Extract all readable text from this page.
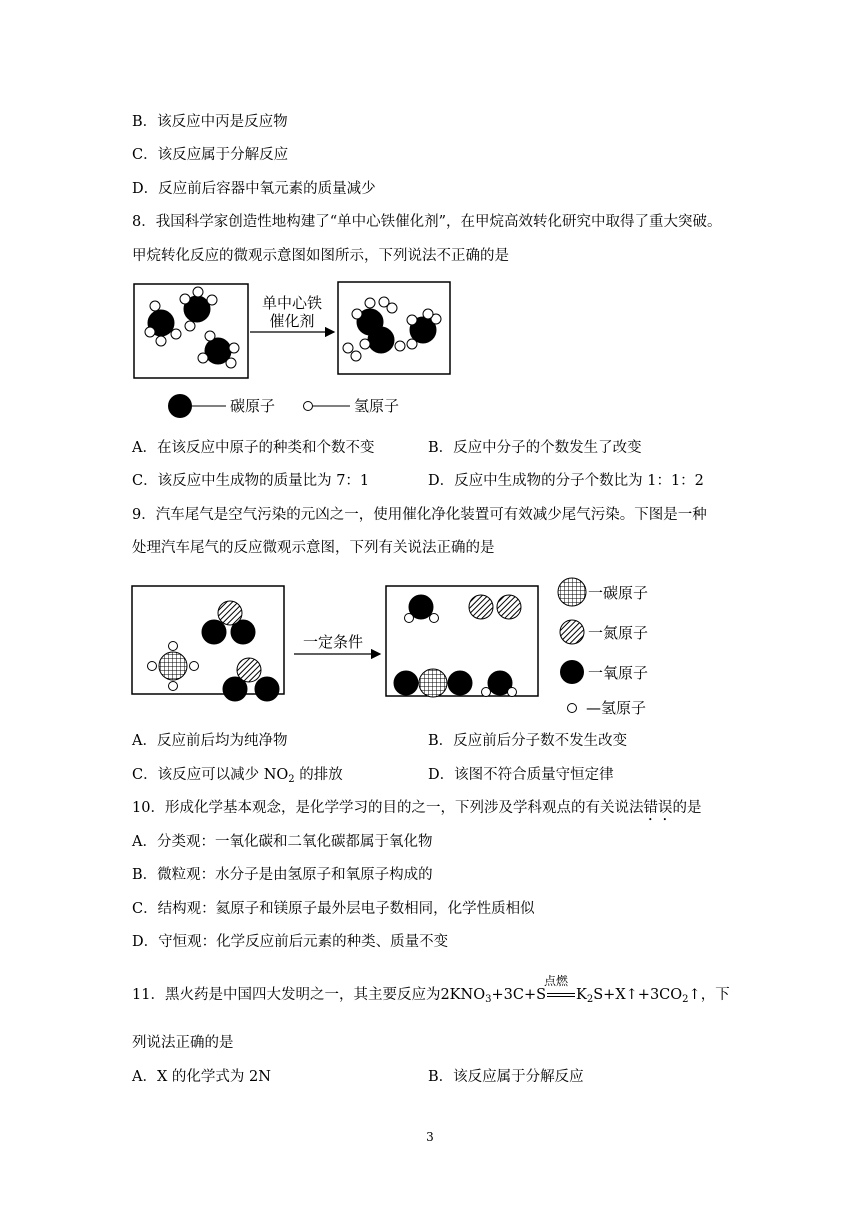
B．该反应中丙是反应物
C．该反应属于分解反应
D．反应前后容器中氧元素的质量减少
8．我国科学家创造性地构建了“单中心铁催化剂”，在甲烷高效转化研究中取得了重大突破。
甲烷转化反应的微观示意图如图所示，下列说法不正确的是
单中心铁
催化剂
碳原子	氢原子
A．在该反应中原子的种类和个数不变	B．反应中分子的个数发生了改变
C．该反应中生成物的质量比为 7：1	D．反应中生成物的分子个数比为 1：1：2
9．汽车尾气是空气污染的元凶之一，使用催化净化装置可有效减少尾气污染。下图是一种
处理汽车尾气的反应微观示意图，下列有关说法正确的是
一定条件
一碳原子
一氮原子
一氧原子
—氢原子
A．反应前后均为纯净物	B．反应前后分子数不发生改变
C．该反应可以减少 $NO_2$ 的排放	D．该图不符合质量守恒定律
10．形成化学基本观念，是化学学习的目的之一，下列涉及学科观点的有关说法错误的是
A．分类观：一氧化碳和二氧化碳都属于氧化物
B．微粒观：水分子是由氢原子和氧原子构成的
C．结构观：氦原子和镁原子最外层电子数相同，化学性质相似
D．守恒观：化学反应前后元素的种类、质量不变
11．黑火药是中国四大发明之一，其主要反应为$2KNO_3+3C+S$
点燃
$K_2S+X↑+3CO_2↑$，下
列说法正确的是
A．X 的化学式为 2N	B．该反应属于分解反应
3
